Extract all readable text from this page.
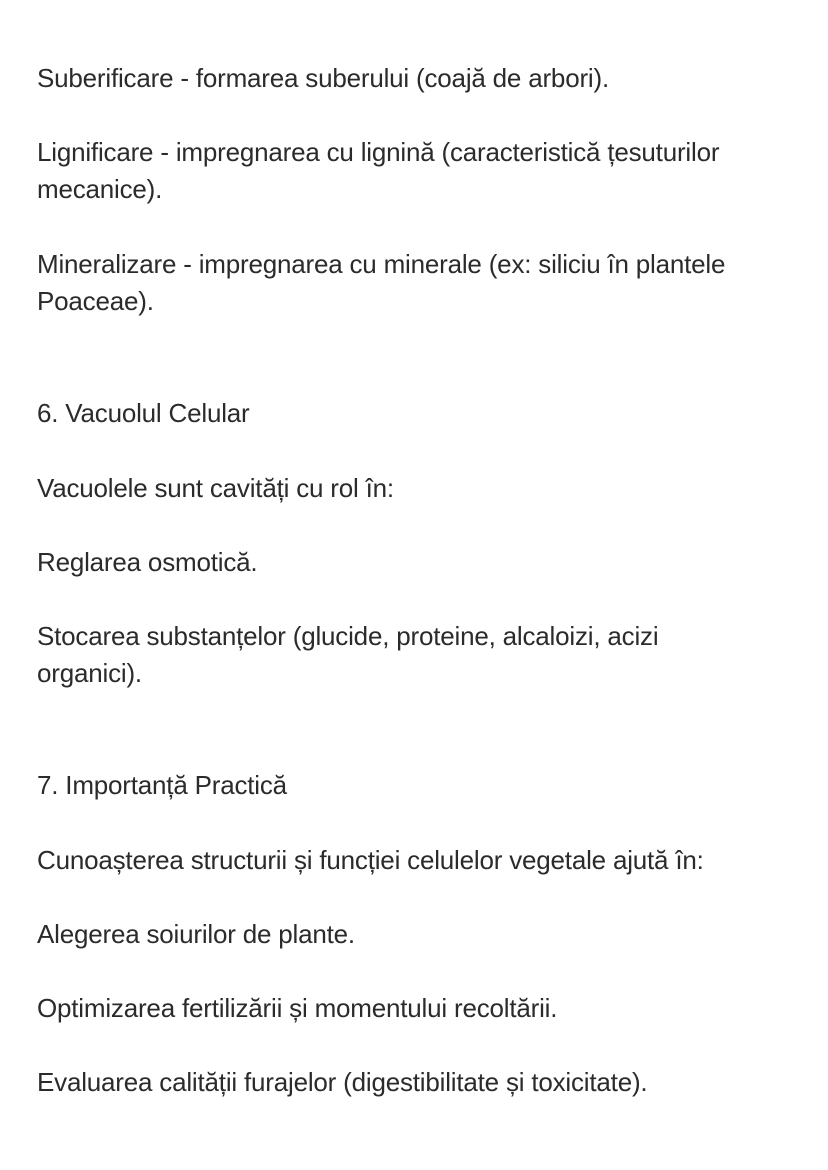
Suberificare - formarea suberului (coajă de arbori).
Lignificare - impregnarea cu lignină (caracteristică țesuturilor mecanice).
Mineralizare - impregnarea cu minerale (ex: siliciu în plantele Poaceae).
6. Vacuolul Celular
Vacuolele sunt cavități cu rol în:
Reglarea osmotică.
Stocarea substanțelor (glucide, proteine, alcaloizi, acizi organici).
7. Importanță Practică
Cunoașterea structurii și funcției celulelor vegetale ajută în:
Alegerea soiurilor de plante.
Optimizarea fertilizării și momentului recoltării.
Evaluarea calității furajelor (digestibilitate și toxicitate).
